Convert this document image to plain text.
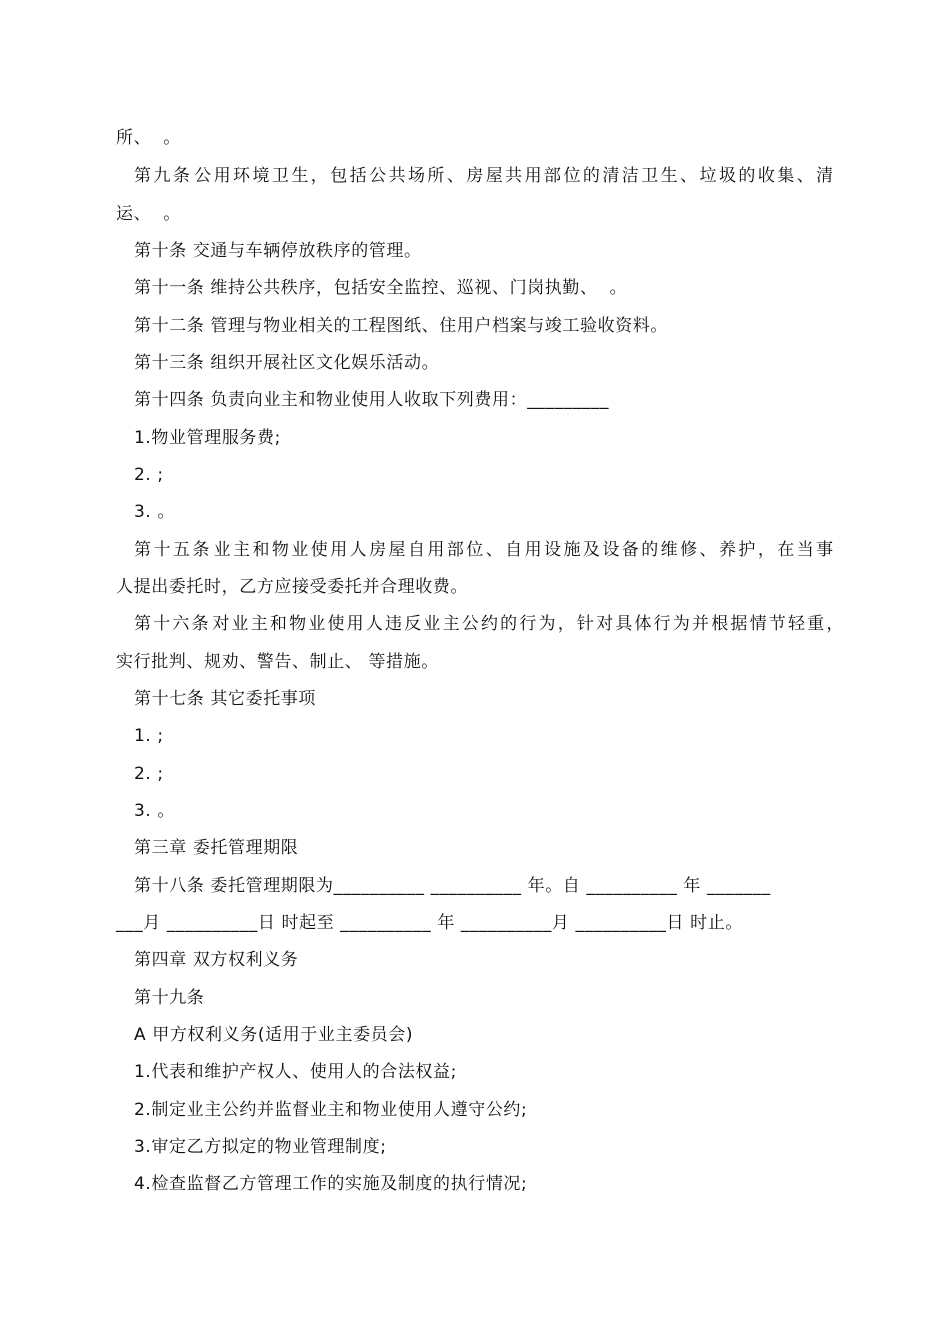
所、  。
第 九 条 公 用 环 境 卫 生 ， 包 括 公 共 场 所 、 房 屋 共 用 部 位 的 清 洁 卫 生 、 垃 圾 的 收 集 、 清
运、  。
第十条 交通与车辆停放秩序的管理。
第十一条 维持公共秩序，包括安全监控、巡视、门岗执勤、  。
第十二条 管理与物业相关的工程图纸、住用户档案与竣工验收资料。
第十三条 组织开展社区文化娱乐活动。
第十四条 负责向业主和物业使用人收取下列费用：_________
1.物业管理服务费;
2. ;
3. 。
第 十 五 条 业 主 和 物 业 使 用 人 房 屋 自 用 部 位 、 自 用 设 施 及 设 备 的 维 修 、 养 护 ， 在 当 事
人提出委托时，乙方应接受委托并合理收费。
第 十 六 条 对 业 主 和 物 业 使 用 人 违 反 业 主 公 约 的 行 为 ， 针 对 具 体 行 为 并 根 据 情 节 轻 重 ，
实行批判、规劝、警告、制止、 等措施。
第十七条 其它委托事项
1. ;
2. ;
3. 。
第三章 委托管理期限
第十八条 委托管理期限为__________ __________ 年。自 __________ 年 _______
___月 __________日 时起至 __________ 年 __________月 __________日 时止。
第四章 双方权利义务
第十九条
A 甲方权利义务(适用于业主委员会)
1.代表和维护产权人、使用人的合法权益;
2.制定业主公约并监督业主和物业使用人遵守公约;
3.审定乙方拟定的物业管理制度;
4.检查监督乙方管理工作的实施及制度的执行情况;
